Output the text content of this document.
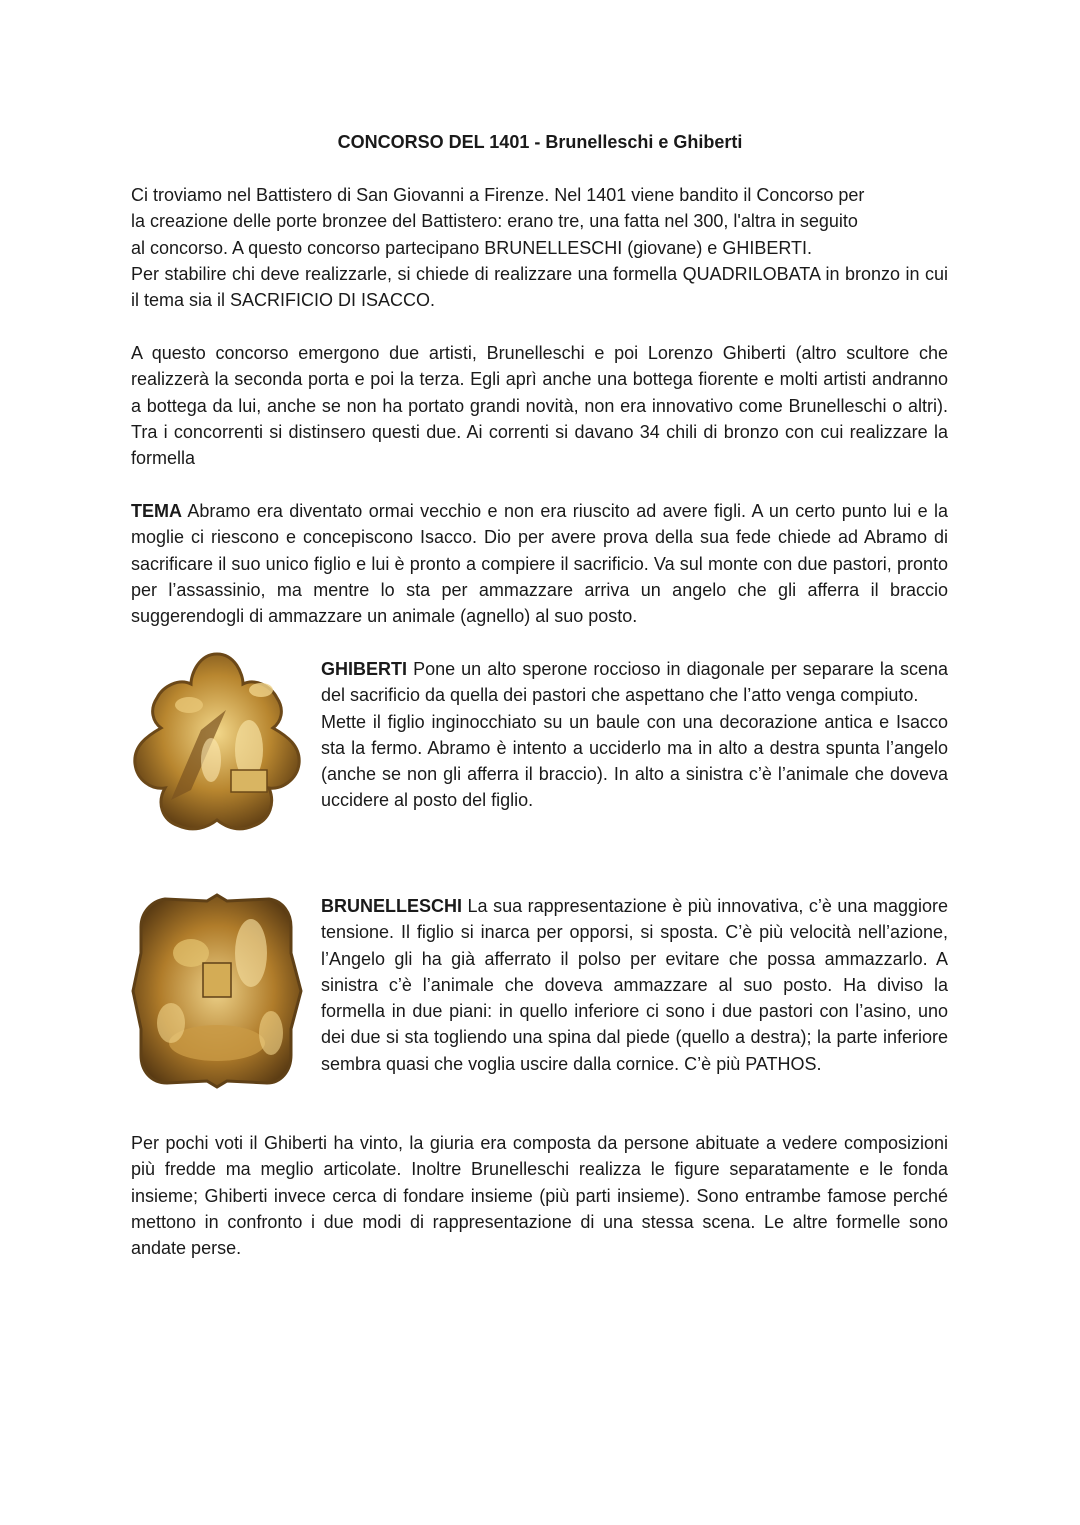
CONCORSO DEL 1401 - Brunelleschi e Ghiberti

Ci troviamo nel Battistero di San Giovanni a Firenze. Nel 1401 viene bandito il Concorso per
la creazione delle porte bronzee del Battistero: erano tre, una fatta nel 300, l'altra in seguito
al concorso. A questo concorso partecipano BRUNELLESCHI (giovane) e GHIBERTI.
Per stabilire chi deve realizzarle, si chiede di realizzare una formella QUADRILOBATA in bronzo in cui il tema sia il SACRIFICIO DI ISACCO.

A questo concorso emergono due artisti, Brunelleschi e poi Lorenzo Ghiberti (altro scultore che realizzerà la seconda porta e poi la terza. Egli aprì anche una bottega fiorente e molti artisti andranno a bottega da lui, anche se non ha portato grandi novità, non era innovativo come Brunelleschi o altri). Tra i concorrenti si distinsero questi due. Ai correnti si davano 34 chili di bronzo con cui realizzare la formella

TEMA Abramo era diventato ormai vecchio e non era riuscito ad avere figli. A un certo punto lui e la moglie ci riescono e concepiscono Isacco. Dio per avere prova della sua fede chiede ad Abramo di sacrificare il suo unico figlio e lui è pronto a compiere il sacrificio. Va sul monte con due pastori, pronto per l’assassinio, ma mentre lo sta per ammazzare arriva un angelo che gli afferra il braccio suggerendogli di ammazzare un animale (agnello) al suo posto.

GHIBERTI Pone un alto sperone roccioso in diagonale per separare la scena del sacrificio da quella dei pastori che aspettano che l’atto venga compiuto.
Mette il figlio inginocchiato su un baule con una decorazione antica e Isacco sta la fermo. Abramo è intento a ucciderlo ma in alto a destra spunta l’angelo (anche se non gli afferra il braccio). In alto a sinistra c’è l’animale che doveva uccidere al posto del figlio.

BRUNELLESCHI La sua rappresentazione è più innovativa, c’è una maggiore tensione. Il figlio si inarca per opporsi, si sposta. C’è più velocità nell’azione, l’Angelo gli ha già afferrato il polso per evitare che possa ammazzarlo. A sinistra c’è l’animale che doveva ammazzare al suo posto. Ha diviso la formella in due piani: in quello inferiore ci sono i due pastori con l’asino, uno dei due si sta togliendo una spina dal piede (quello a destra); la parte inferiore sembra quasi che voglia uscire dalla cornice. C’è più PATHOS.

Per pochi voti il Ghiberti ha vinto, la giuria era composta da persone abituate a vedere composizioni più fredde ma meglio articolate. Inoltre Brunelleschi realizza le figure separatamente e le fonda insieme; Ghiberti invece cerca di fondare insieme (più parti insieme). Sono entrambe famose perché mettono in confronto i due modi di rappresentazione di una stessa scena. Le altre formelle sono andate perse.
